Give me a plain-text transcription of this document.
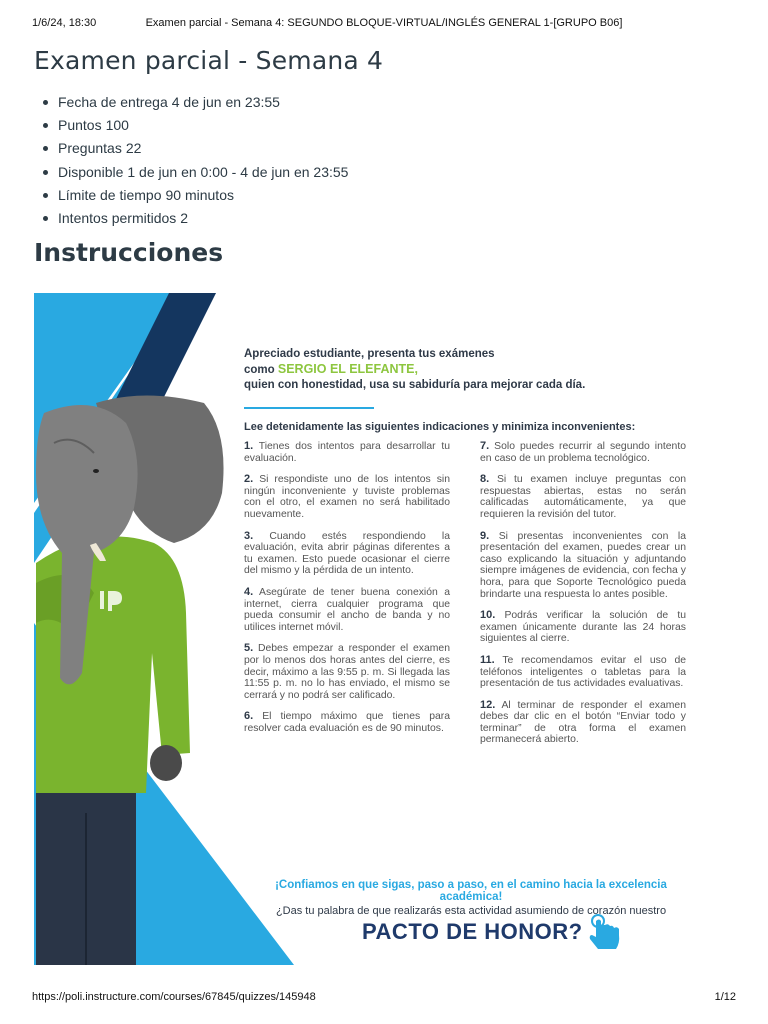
1/6/24, 18:30	Examen parcial - Semana 4: SEGUNDO BLOQUE-VIRTUAL/INGLÉS GENERAL 1-[GRUPO B06]
Examen parcial - Semana 4
Fecha de entrega 4 de jun en 23:55
Puntos 100
Preguntas 22
Disponible 1 de jun en 0:00 - 4 de jun en 23:55
Límite de tiempo 90 minutos
Intentos permitidos 2
Instrucciones
Apreciado estudiante, presenta tus exámenes
como SERGIO EL ELEFANTE,
quien con honestidad, usa su sabiduría para mejorar cada día.
Lee detenidamente las siguientes indicaciones y minimiza inconvenientes:
1. Tienes dos intentos para desarrollar tu evaluación.
2. Si respondiste uno de los intentos sin ningún inconveniente y tuviste problemas con el otro, el examen no será habilitado nuevamente.
3. Cuando estés respondiendo la evaluación, evita abrir páginas diferentes a tu examen. Esto puede ocasionar el cierre del mismo y la pérdida de un intento.
4. Asegúrate de tener buena conexión a internet, cierra cualquier programa que pueda consumir el ancho de banda y no utilices internet móvil.
5. Debes empezar a responder el examen por lo menos dos horas antes del cierre, es decir, máximo a las 9:55 p. m. Si llegada las 11:55 p. m. no lo has enviado, el mismo se cerrará y no podrá ser calificado.
6. El tiempo máximo que tienes para resolver cada evaluación es de 90 minutos.
7. Solo puedes recurrir al segundo intento en caso de un problema tecnológico.
8. Si tu examen incluye preguntas con respuestas abiertas, estas no serán calificadas automáticamente, ya que requieren la revisión del tutor.
9. Si presentas inconvenientes con la presentación del examen, puedes crear un caso explicando la situación y adjuntando siempre imágenes de evidencia, con fecha y hora, para que Soporte Tecnológico pueda brindarte una respuesta lo antes posible.
10. Podrás verificar la solución de tu examen únicamente durante las 24 horas siguientes al cierre.
11. Te recomendamos evitar el uso de teléfonos inteligentes o tabletas para la presentación de tus actividades evaluativas.
12. Al terminar de responder el examen debes dar clic en el botón “Enviar todo y terminar” de otra forma el examen permanecerá abierto.
¡Confiamos en que sigas, paso a paso, en el camino hacia la excelencia académica!
¿Das tu palabra de que realizarás esta actividad asumiendo de corazón nuestro
PACTO DE HONOR?
https://poli.instructure.com/courses/67845/quizzes/145948	1/12
